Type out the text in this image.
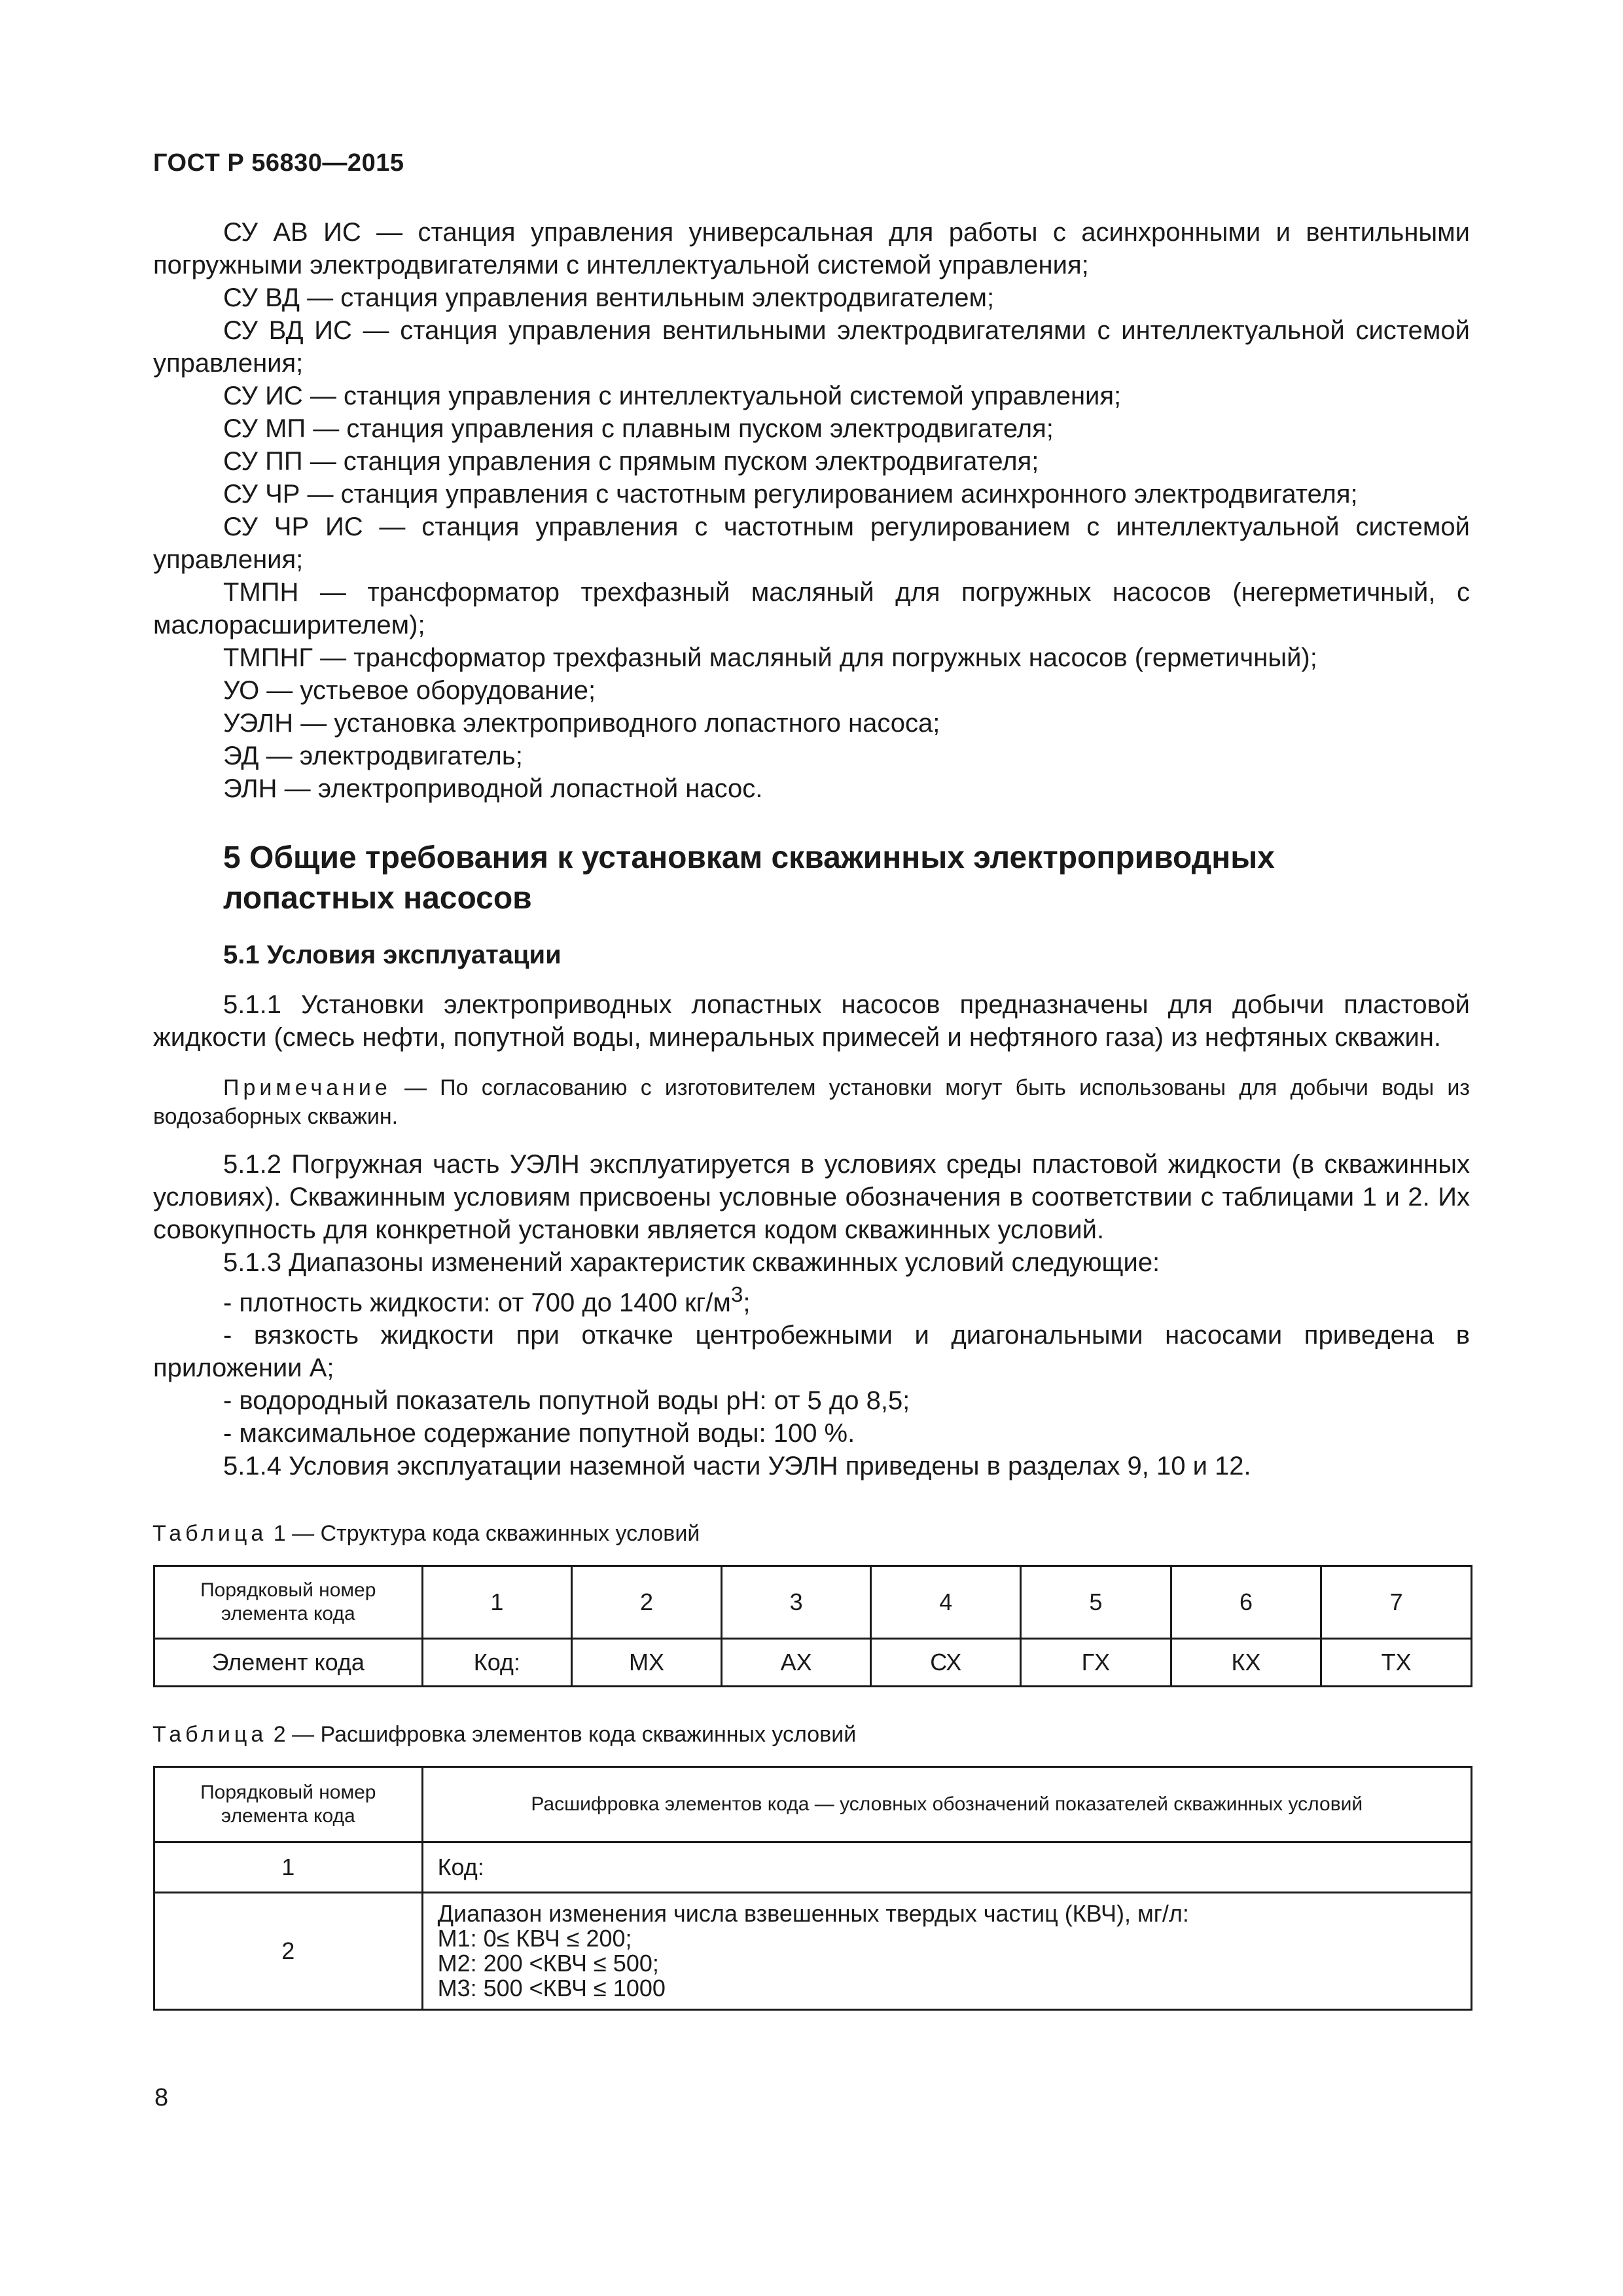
ГОСТ Р 56830—2015

СУ АВ ИС — станция управления универсальная для работы с асинхронными и вентильными погружными электродвигателями с интеллектуальной системой управления;

СУ ВД — станция управления вентильным электродвигателем;

СУ ВД ИС — станция управления вентильными электродвигателями с интеллектуальной системой управления;

СУ ИС — станция управления с интеллектуальной системой управления;

СУ МП — станция управления с плавным пуском электродвигателя;

СУ ПП — станция управления с прямым пуском электродвигателя;

СУ ЧР — станция управления с частотным регулированием асинхронного электродвигателя;

СУ ЧР ИС — станция управления с частотным регулированием с интеллектуальной системой управления;

ТМПН — трансформатор трехфазный масляный для погружных насосов (негерметичный, с маслорасширителем);

ТМПНГ — трансформатор трехфазный масляный для погружных насосов (герметичный);

УО — устьевое оборудование;

УЭЛН — установка электроприводного лопастного насоса;

ЭД — электродвигатель;

ЭЛН — электроприводной лопастной насос.

5 Общие требования к установкам скважинных электроприводных
лопастных насосов
5.1 Условия эксплуатации

5.1.1 Установки электроприводных лопастных насосов предназначены для добычи пластовой жидкости (смесь нефти, попутной воды, минеральных примесей и нефтяного газа) из нефтяных скважин.

Примечание — По согласованию с изготовителем установки могут быть использованы для добычи воды из водозаборных скважин.

5.1.2 Погружная часть УЭЛН эксплуатируется в условиях среды пластовой жидкости (в скважинных условиях). Скважинным условиям присвоены условные обозначения в соответствии с таблицами 1 и 2. Их совокупность для конкретной установки является кодом скважинных условий.

5.1.3 Диапазоны изменений характеристик скважинных условий следующие:

- плотность жидкости: от 700 до 1400 $кг/м^3$;

- вязкость жидкости при откачке центробежными и диагональными насосами приведена в приложении А;

- водородный показатель попутной воды pH: от 5 до 8,5;

- максимальное содержание попутной воды: 100 %.

5.1.4 Условия эксплуатации наземной части УЭЛН приведены в разделах 9, 10 и 12.

Таблица 1 — Структура кода скважинных условий
Порядковый номер элемента кода	1	2	3	4	5	6	7
Элемент кода	Код:	МХ	АХ	СХ	ГХ	КХ	ТХ
Таблица 2 — Расшифровка элементов кода скважинных условий
Порядковый номер элемента кода	Расшифровка элементов кода — условных обозначений показателей скважинных условий
1	Код:
2	Диапазон изменения числа взвешенных твердых частиц (КВЧ), мг/л:
М1: 0≤ КВЧ ≤ 200;
М2: 200 <КВЧ ≤ 500;
М3: 500 <КВЧ ≤ 1000
8
